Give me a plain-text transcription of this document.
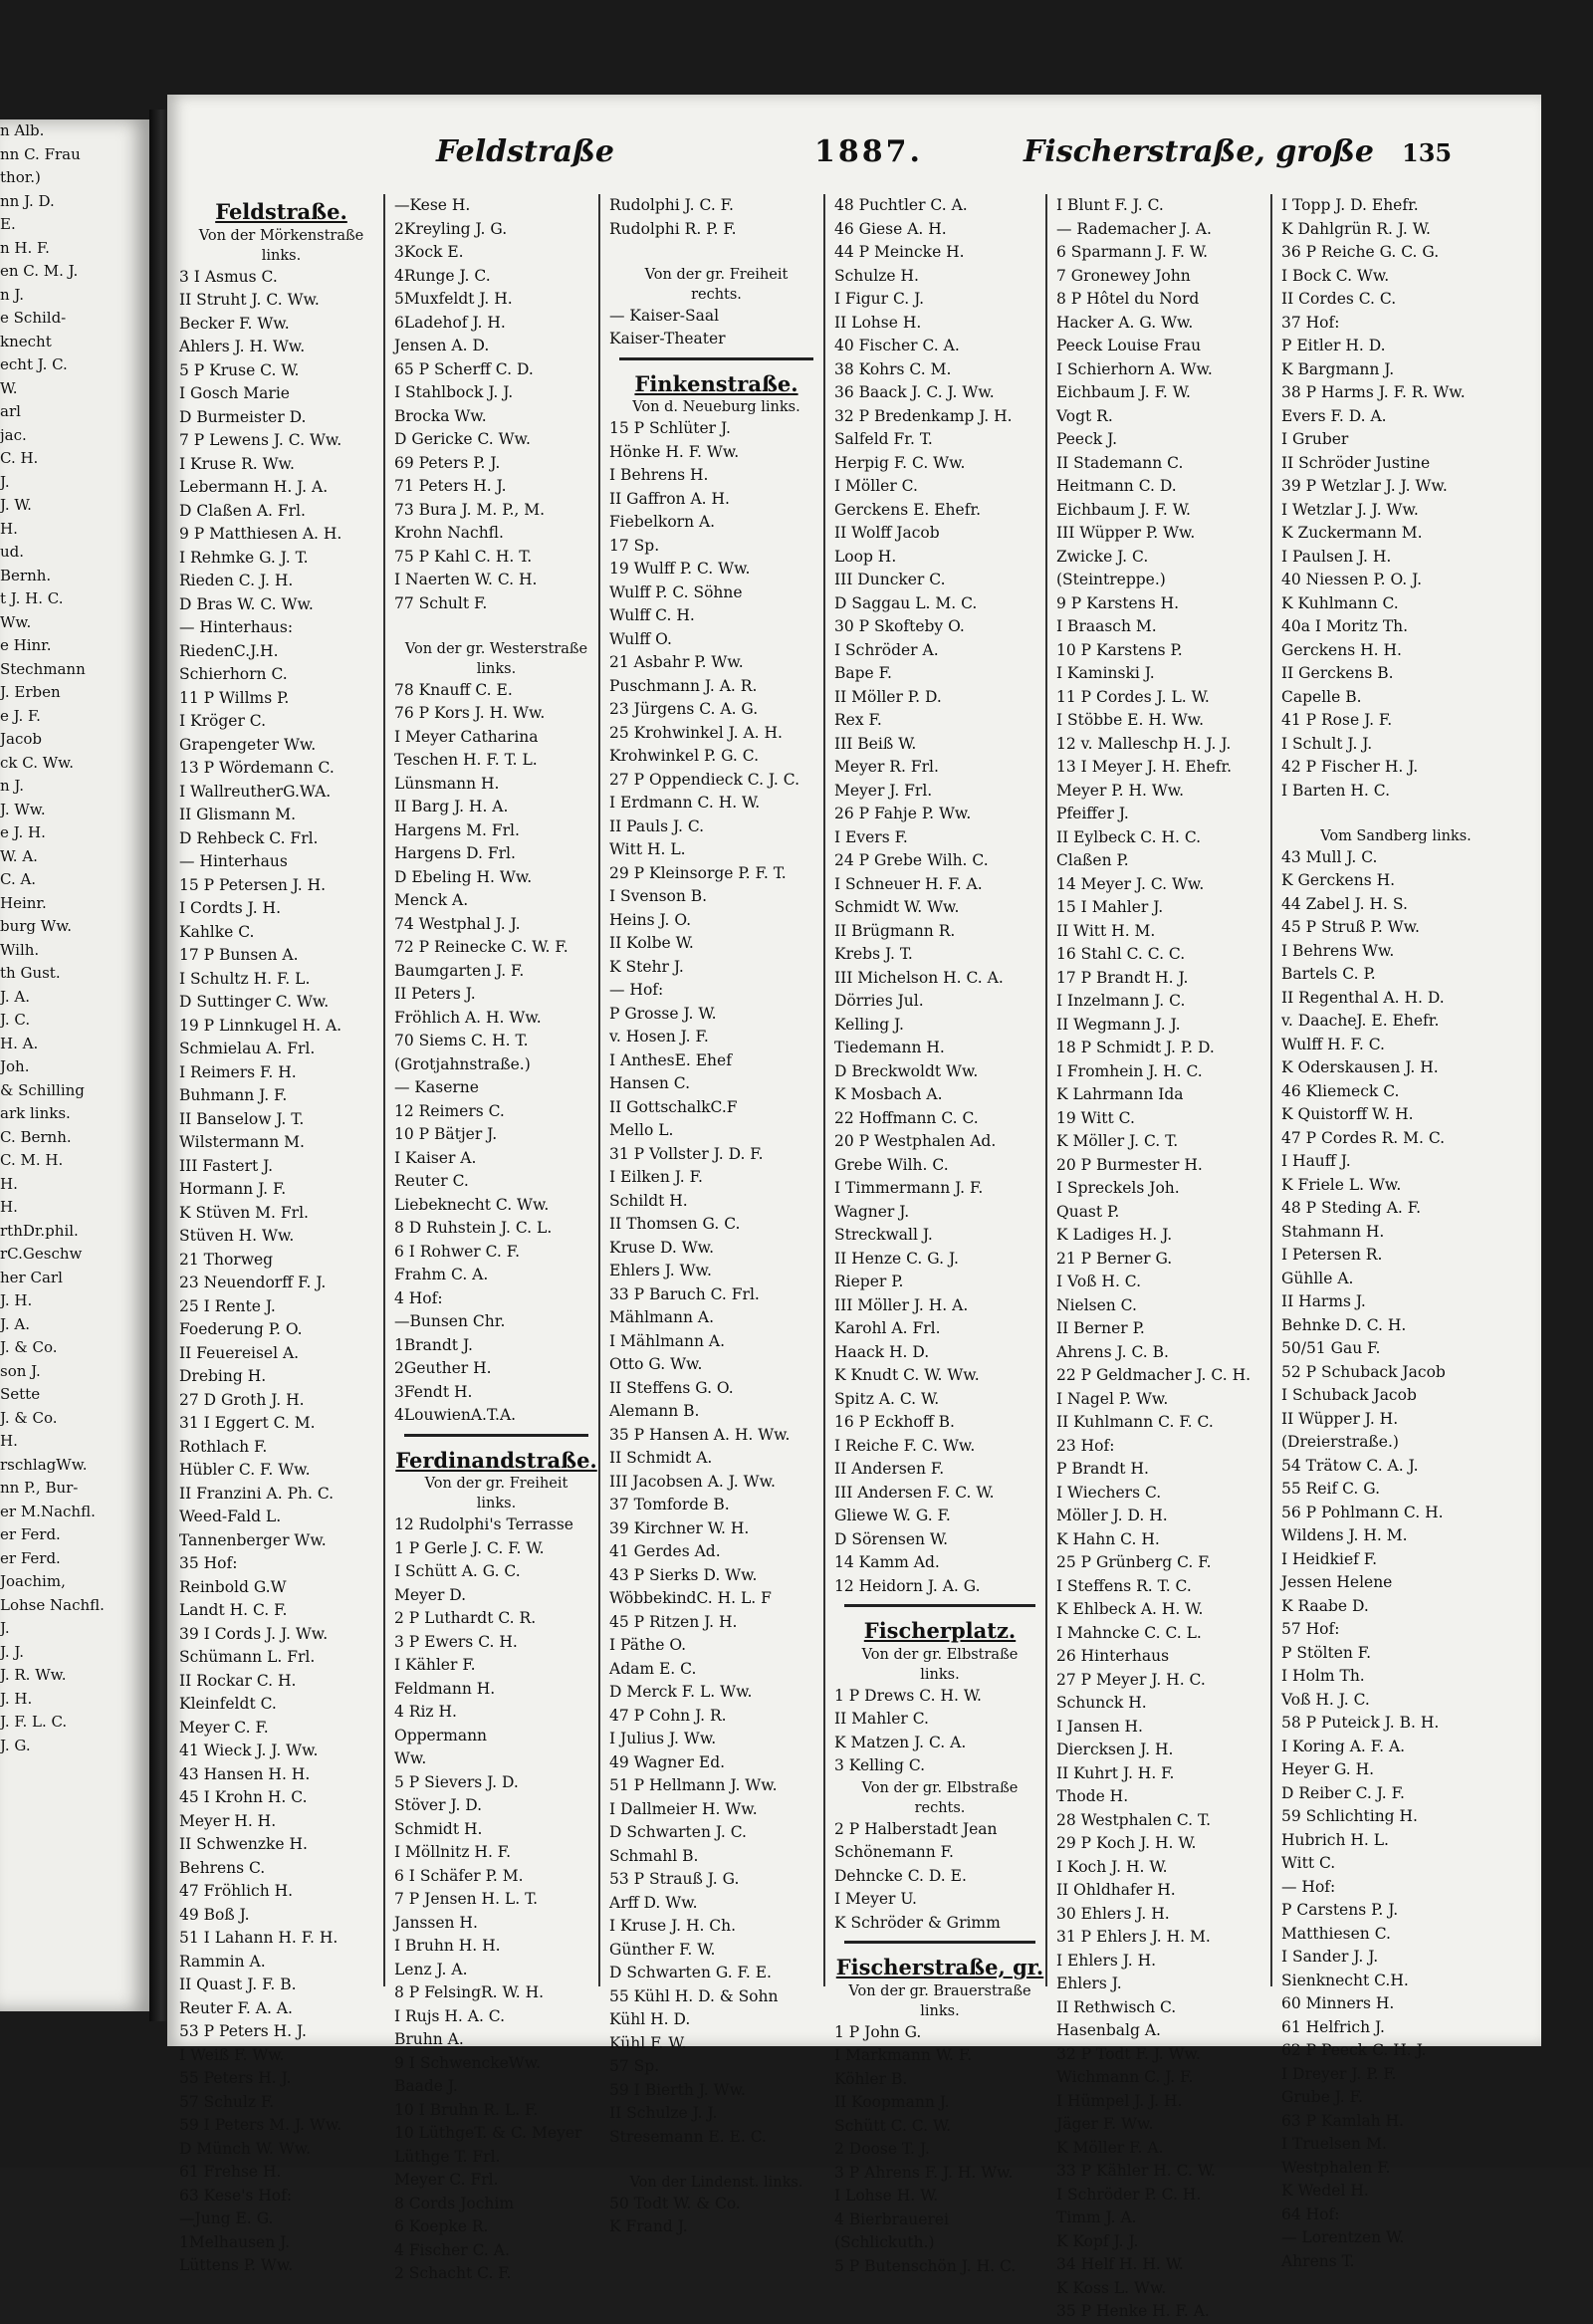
n Alb.
nn C. Frau
thor.)
nn J. D.
E.
n H. F.
en C. M. J.
n J.
e Schild-
knecht
echt J. C.
W.
arl
jac.
C. H.
J.
J. W.
H.
ud.
Bernh.
t J. H. C.
Ww.
e Hinr.
Stechmann
J. Erben
e J. F.
Jacob
ck C. Ww.
n J.
J. Ww.
e J. H.
W. A.
C. A.
Heinr.
burg Ww.
Wilh.
th Gust.
J. A.
J. C.
H. A.
Joh.
& Schilling
ark links.
C. Bernh.
C. M. H.
H.
H.
rthDr.phil.
rC.Geschw
her Carl
J. H.
J. A.
J. & Co.
son J.
Sette
J. & Co.
H.
rschlagWw.
nn P., Bur-
er M.Nachfl.
er Ferd.
er Ferd.
Joachim,
Lohse Nachfl.
J.
J. J.
J. R. Ww.
J. H.
J. F. L. C.
J. G.
Feldstraße	1887.	Fischerstraße, große 135
Feldstraße.
Von der Mörkenstraße
links.
3 I Asmus C.
II Struht J. C. Ww.
Becker F. Ww.
Ahlers J. H. Ww.
5 P Kruse C. W.
I Gosch Marie
D Burmeister D.
7 P Lewens J. C. Ww.
I Kruse R. Ww.
Lebermann H. J. A.
D Claßen A. Frl.
9 P Matthiesen A. H.
I Rehmke G. J. T.
Rieden C. J. H.
D Bras W. C. Ww.
— Hinterhaus:
RiedenC.J.H.
Schierhorn C.
11 P Willms P.
I Kröger C.
Grapengeter Ww.
13 P Wördemann C.
I WallreutherG.WA.
II Glismann M.
D Rehbeck C. Frl.
— Hinterhaus
15 P Petersen J. H.
I Cordts J. H.
Kahlke C.
17 P Bunsen A.
I Schultz H. F. L.
D Suttinger C. Ww.
19 P Linnkugel H. A.
Schmielau A. Frl.
I Reimers F. H.
Buhmann J. F.
II Banselow J. T.
Wilstermann M.
III Fastert J.
Hormann J. F.
K Stüven M. Frl.
Stüven H. Ww.
21 Thorweg
23 Neuendorff F. J.
25 I Rente J.
Foederung P. O.
II Feuereisel A.
Drebing H.
27 D Groth J. H.
31 I Eggert C. M.
Rothlach F.
Hübler C. F. Ww.
II Franzini A. Ph. C.
Weed-Fald L.
Tannenberger Ww.
35 Hof:
Reinbold G.W
Landt H. C. F.
39 I Cords J. J. Ww.
Schümann L. Frl.
II Rockar C. H.
Kleinfeldt C.
Meyer C. F.
41 Wieck J. J. Ww.
43 Hansen H. H.
45 I Krohn H. C.
Meyer H. H.
II Schwenzke H.
Behrens C.
47 Fröhlich H.
49 Boß J.
51 I Lahann H. F. H.
Rammin A.
II Quast J. F. B.
Reuter F. A. A.
53 P Peters H. J.
I Weiß F. Ww.
55 Peters H. J.
57 Schulz F.
59 I Peters M. J. Ww.
D Münch W. Ww.
61 Frehse H.
63 Kese's Hof:
—Jung E. G.
1Melhausen J.
Lüttens P. Ww.
—Kese H.
2Kreyling J. G.
3Kock E.
4Runge J. C.
5Muxfeldt J. H.
6Ladehof J. H.
Jensen A. D.
65 P Scherff C. D.
I Stahlbock J. J.
Brocka Ww.
D Gericke C. Ww.
69 Peters P. J.
71 Peters H. J.
73 Bura J. M. P., M.
Krohn Nachfl.
75 P Kahl C. H. T.
I Naerten W. C. H.
77 Schult F.

Von der gr. Westerstraße
links.
78 Knauff C. E.
76 P Kors J. H. Ww.
I Meyer Catharina
Teschen H. F. T. L.
Lünsmann H.
II Barg J. H. A.
Hargens M. Frl.
Hargens D. Frl.
D Ebeling H. Ww.
Menck A.
74 Westphal J. J.
72 P Reinecke C. W. F.
Baumgarten J. F.
II Peters J.
Fröhlich A. H. Ww.
70 Siems C. H. T.
(Grotjahnstraße.)
— Kaserne
12 Reimers C.
10 P Bätjer J.
I Kaiser A.
Reuter C.
Liebeknecht C. Ww.
8 D Ruhstein J. C. L.
6 I Rohwer C. F.
Frahm C. A.
4 Hof:
—Bunsen Chr.
1Brandt J.
2Geuther H.
3Fendt H.
4LouwienA.T.A.
Ferdinandstraße.
Von der gr. Freiheit
links.
12 Rudolphi's Terrasse
1 P Gerle J. C. F. W.
I Schütt A. G. C.
Meyer D.
2 P Luthardt C. R.
3 P Ewers C. H.
I Kähler F.
Feldmann H.
4 Riz H.
Oppermann
Ww.
5 P Sievers J. D.
Stöver J. D.
Schmidt H.
I Möllnitz H. F.
6 I Schäfer P. M.
7 P Jensen H. L. T.
Janssen H.
I Bruhn H. H.
Lenz J. A.
8 P FelsingR. W. H.
I Rujs H. A. C.
Bruhn A.
9 I SchwenckeWw.
Baade J.
10 I Bruhn R. L. F.
10 LüthgeT. & C. Meyer
Lüthge T. Frl.
Meyer C. Frl.
8 Cords Jochim
6 Koepke R.
4 Fischer C. A.
2 Schacht C. F.
Rudolphi J. C. F.
Rudolphi R. P. F.

Von der gr. Freiheit
rechts.
— Kaiser-Saal
Kaiser-Theater
Finkenstraße.
Von d. Neueburg links.
15 P Schlüter J.
Hönke H. F. Ww.
I Behrens H.
II Gaffron A. H.
Fiebelkorn A.
17 Sp.
19 Wulff P. C. Ww.
Wulff P. C. Söhne
Wulff C. H.
Wulff O.
21 Asbahr P. Ww.
Puschmann J. A. R.
23 Jürgens C. A. G.
25 Krohwinkel J. A. H.
Krohwinkel P. G. C.
27 P Oppendieck C. J. C.
I Erdmann C. H. W.
II Pauls J. C.
Witt H. L.
29 P Kleinsorge P. F. T.
I Svenson B.
Heins J. O.
II Kolbe W.
K Stehr J.
— Hof:
P Grosse J. W.
v. Hosen J. F.
I AnthesE. Ehef
Hansen C.
II GottschalkC.F
Mello L.
31 P Vollster J. D. F.
I Eilken J. F.
Schildt H.
II Thomsen G. C.
Kruse D. Ww.
Ehlers J. Ww.
33 P Baruch C. Frl.
Mählmann A.
I Mählmann A.
Otto G. Ww.
II Steffens G. O.
Alemann B.
35 P Hansen A. H. Ww.
II Schmidt A.
III Jacobsen A. J. Ww.
37 Tomforde B.
39 Kirchner W. H.
41 Gerdes Ad.
43 P Sierks D. Ww.
WöbbekindC. H. L. F
45 P Ritzen J. H.
I Päthe O.
Adam E. C.
D Merck F. L. Ww.
47 P Cohn J. R.
I Julius J. Ww.
49 Wagner Ed.
51 P Hellmann J. Ww.
I Dallmeier H. Ww.
D Schwarten J. C.
Schmahl B.
53 P Strauß J. G.
Arff D. Ww.
I Kruse J. H. Ch.
Günther F. W.
D Schwarten G. F. E.
55 Kühl H. D. & Sohn
Kühl H. D.
Kühl F. W.
57 Sp.
59 I Bierth J. Ww.
II Schulze J. J.
Stresemann E. E. C.

Von der Lindenst. links.
50 Todt W. & Co.
K Frand J.
48 Puchtler C. A.
46 Giese A. H.
44 P Meincke H.
Schulze H.
I Figur C. J.
II Lohse H.
40 Fischer C. A.
38 Kohrs C. M.
36 Baack J. C. J. Ww.
32 P Bredenkamp J. H.
Salfeld Fr. T.
Herpig F. C. Ww.
I Möller C.
Gerckens E. Ehefr.
II Wolff Jacob
Loop H.
III Duncker C.
D Saggau L. M. C.
30 P Skofteby O.
I Schröder A.
Bape F.
II Möller P. D.
Rex F.
III Beiß W.
Meyer R. Frl.
Meyer J. Frl.
26 P Fahje P. Ww.
I Evers F.
24 P Grebe Wilh. C.
I Schneuer H. F. A.
Schmidt W. Ww.
II Brügmann R.
Krebs J. T.
III Michelson H. C. A.
Dörries Jul.
Kelling J.
Tiedemann H.
D Breckwoldt Ww.
K Mosbach A.
22 Hoffmann C. C.
20 P Westphalen Ad.
Grebe Wilh. C.
I Timmermann J. F.
Wagner J.
Streckwall J.
II Henze C. G. J.
Rieper P.
III Möller J. H. A.
Karohl A. Frl.
Haack H. D.
K Knudt C. W. Ww.
Spitz A. C. W.
16 P Eckhoff B.
I Reiche F. C. Ww.
II Andersen F.
III Andersen F. C. W.
Gliewe W. G. F.
D Sörensen W.
14 Kamm Ad.
12 Heidorn J. A. G.
Fischerplatz.
Von der gr. Elbstraße
links.
1 P Drews C. H. W.
II Mahler C.
K Matzen J. C. A.
3 Kelling C.
Von der gr. Elbstraße
rechts.
2 P Halberstadt Jean
Schönemann F.
Dehncke C. D. E.
I Meyer U.
K Schröder & Grimm
Fischerstraße, gr.
Von der gr. Brauerstraße
links.
1 P John G.
I Markmann W. F.
Köhler B.
II Koopmann J.
Schütt C. C. W.
2 Doose T. J.
3 P Ahrens F. J. H. Ww.
I Lohse H. W.
4 Bierbrauerei
(Schlickuth.)
5 P Butenschön J. H. C.
I Blunt F. J. C.
— Rademacher J. A.
6 Sparmann J. F. W.
7 Gronewey John
8 P Hôtel du Nord
Hacker A. G. Ww.
Peeck Louise Frau
I Schierhorn A. Ww.
Eichbaum J. F. W.
Vogt R.
Peeck J.
II Stademann C.
Heitmann C. D.
Eichbaum J. F. W.
III Wüpper P. Ww.
Zwicke J. C.
(Steintreppe.)
9 P Karstens H.
I Braasch M.
10 P Karstens P.
I Kaminski J.
11 P Cordes J. L. W.
I Stöbbe E. H. Ww.
12 v. Malleschp H. J. J.
13 I Meyer J. H. Ehefr.
Meyer P. H. Ww.
Pfeiffer J.
II Eylbeck C. H. C.
Claßen P.
14 Meyer J. C. Ww.
15 I Mahler J.
II Witt H. M.
16 Stahl C. C. C.
17 P Brandt H. J.
I Inzelmann J. C.
II Wegmann J. J.
18 P Schmidt J. P. D.
I Fromhein J. H. C.
K Lahrmann Ida
19 Witt C.
K Möller J. C. T.
20 P Burmester H.
I Spreckels Joh.
Quast P.
K Ladiges H. J.
21 P Berner G.
I Voß H. C.
Nielsen C.
II Berner P.
Ahrens J. C. B.
22 P Geldmacher J. C. H.
I Nagel P. Ww.
II Kuhlmann C. F. C.
23 Hof:
P Brandt H.
I Wiechers C.
Möller J. D. H.
K Hahn C. H.
25 P Grünberg C. F.
I Steffens R. T. C.
K Ehlbeck A. H. W.
I Mahncke C. C. L.
26 Hinterhaus
27 P Meyer J. H. C.
Schunck H.
I Jansen H.
Diercksen J. H.
II Kuhrt J. H. F.
Thode H.
28 Westphalen C. T.
29 P Koch J. H. W.
I Koch J. H. W.
II Ohldhafer H.
30 Ehlers J. H.
31 P Ehlers J. H. M.
I Ehlers J. H.
Ehlers J.
II Rethwisch C.
Hasenbalg A.
32 P Todt F. J. Ww.
Wichmann C. J. F.
I Hümpel J. J. H.
Jäger F. Ww.
K Möller F. A.
33 P Kähler H. C. W.
I Schröder P. C. H.
Timm J. A.
K Kopf J. J.
34 Helf H. H. W.
K Koss L. Ww.
35 P Henke H. F. A.
I Topp J. D. Ehefr.
K Dahlgrün R. J. W.
36 P Reiche G. C. G.
I Bock C. Ww.
II Cordes C. C.
37 Hof:
P Eitler H. D.
K Bargmann J.
38 P Harms J. F. R. Ww.
Evers F. D. A.
I Gruber
II Schröder Justine
39 P Wetzlar J. J. Ww.
I Wetzlar J. J. Ww.
K Zuckermann M.
I Paulsen J. H.
40 Niessen P. O. J.
K Kuhlmann C.
40a I Moritz Th.
Gerckens H. H.
II Gerckens B.
Capelle B.
41 P Rose J. F.
I Schult J. J.
42 P Fischer H. J.
I Barten H. C.

Vom Sandberg links.
43 Mull J. C.
K Gerckens H.
44 Zabel J. H. S.
45 P Struß P. Ww.
I Behrens Ww.
Bartels C. P.
II Regenthal A. H. D.
v. DaacheJ. E. Ehefr.
Wulff H. F. C.
K Oderskausen J. H.
46 Kliemeck C.
K Quistorff W. H.
47 P Cordes R. M. C.
I Hauff J.
K Friele L. Ww.
48 P Steding A. F.
Stahmann H.
I Petersen R.
Gühlle A.
II Harms J.
Behnke D. C. H.
50/51 Gau F.
52 P Schuback Jacob
I Schuback Jacob
II Wüpper J. H.
(Dreierstraße.)
54 Trätow C. A. J.
55 Reif C. G.
56 P Pohlmann C. H.
Wildens J. H. M.
I Heidkief F.
Jessen Helene
K Raabe D.
57 Hof:
P Stölten F.
I Holm Th.
Voß H. J. C.
58 P Puteick J. B. H.
I Koring A. F. A.
Heyer G. H.
D Reiber C. J. F.
59 Schlichting H.
Hubrich H. L.
Witt C.
— Hof:
P Carstens P. J.
Matthiesen C.
I Sander J. J.
Sienknecht C.H.
60 Minners H.
61 Helfrich J.
62 P Peeck C. H. J.
I Dreyer J. P. F.
Grube J. F.
63 P Kamlah H.
I Truelsen M.
Westphalen F.
K Wedel H.
64 Hof:
— Lorentzen W.
Ahrens T.
